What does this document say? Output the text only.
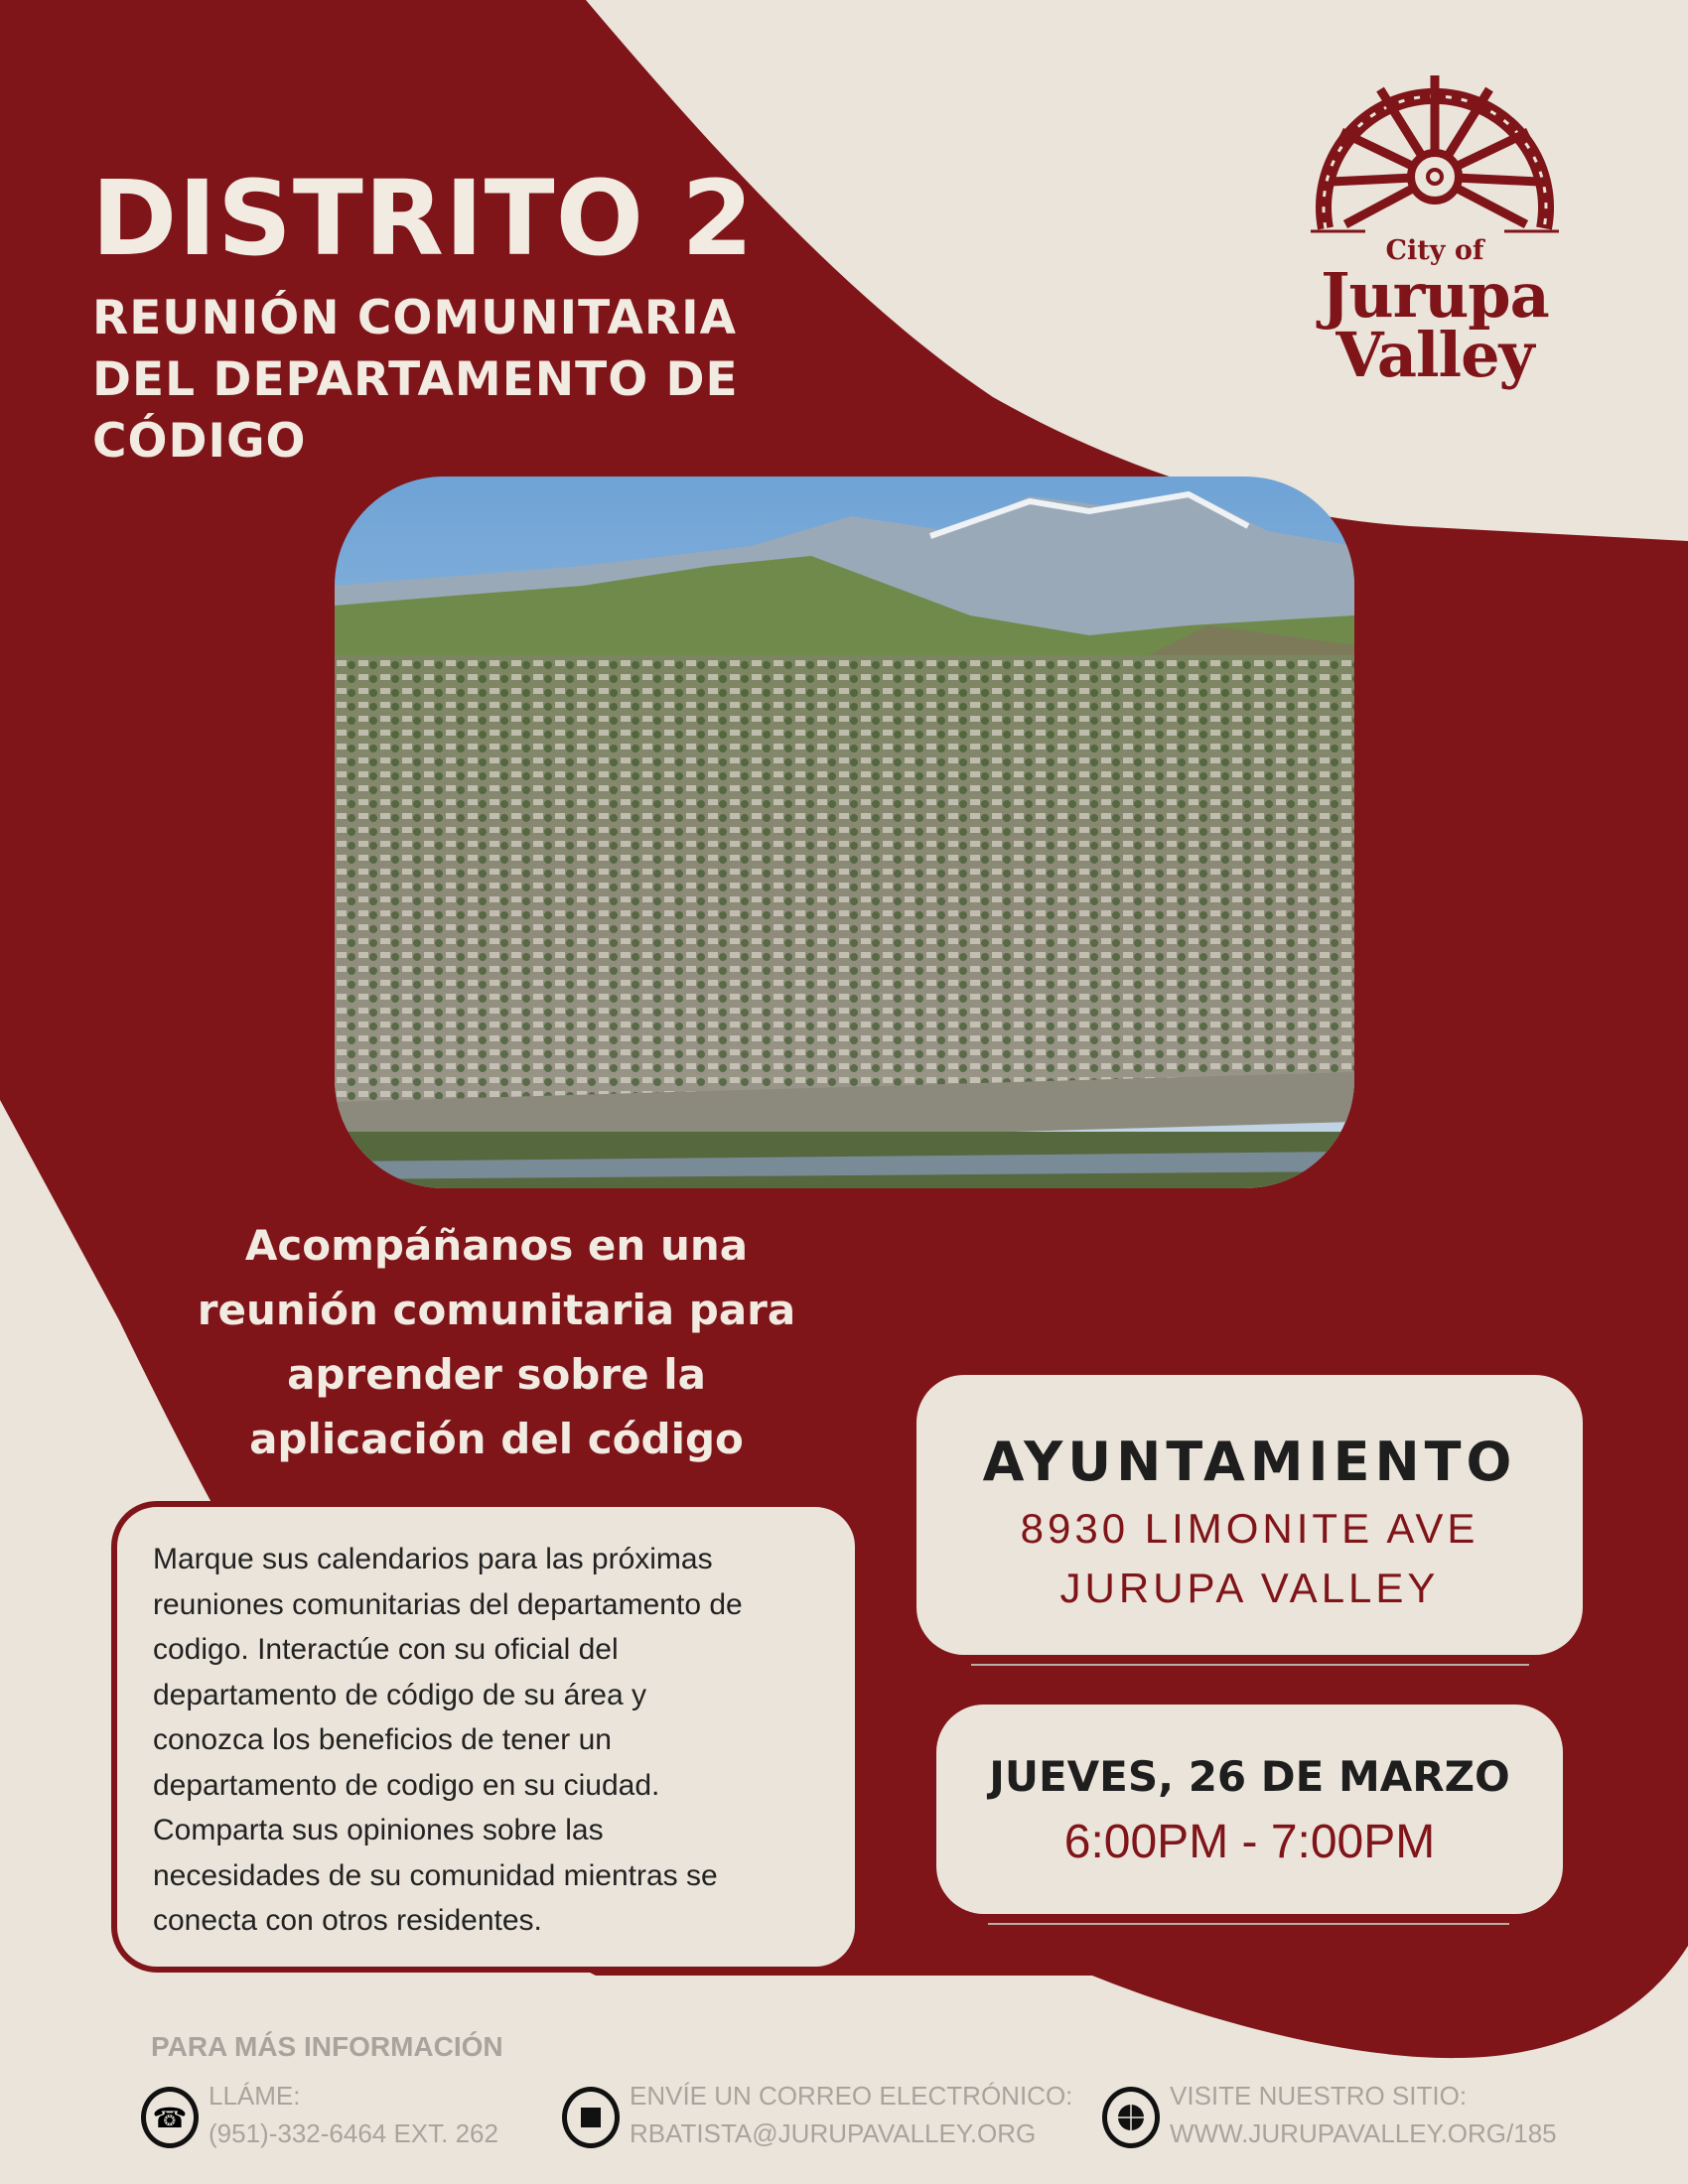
City of
Jurupa
Valley
DISTRITO 2
REUNIÓN COMUNITARIA
DEL DEPARTAMENTO DE
CÓDIGO
Acompáñanos en una
reunión comunitaria para
aprender sobre la
aplicación del código
Marque sus calendarios para las próximas
reuniones comunitarias del departamento de
codigo. Interactúe con su oficial del
departamento de código de su área y
conozca los beneficios de tener un
departamento de codigo en su ciudad.
Comparta sus opiniones sobre las
necesidades de su comunidad mientras se
conecta con otros residentes.
AYUNTAMIENTO
8930 LIMONITE AVE
JURUPA VALLEY
JUEVES, 26 DE MARZO
6:00PM - 7:00PM
PARA MÁS INFORMACIÓN
☎
LLÁME:
(951)-332-6464 EXT. 262
ENVÍE UN CORREO ELECTRÓNICO:
RBATISTA@JURUPAVALLEY.ORG
VISITE NUESTRO SITIO:
WWW.JURUPAVALLEY.ORG/185
